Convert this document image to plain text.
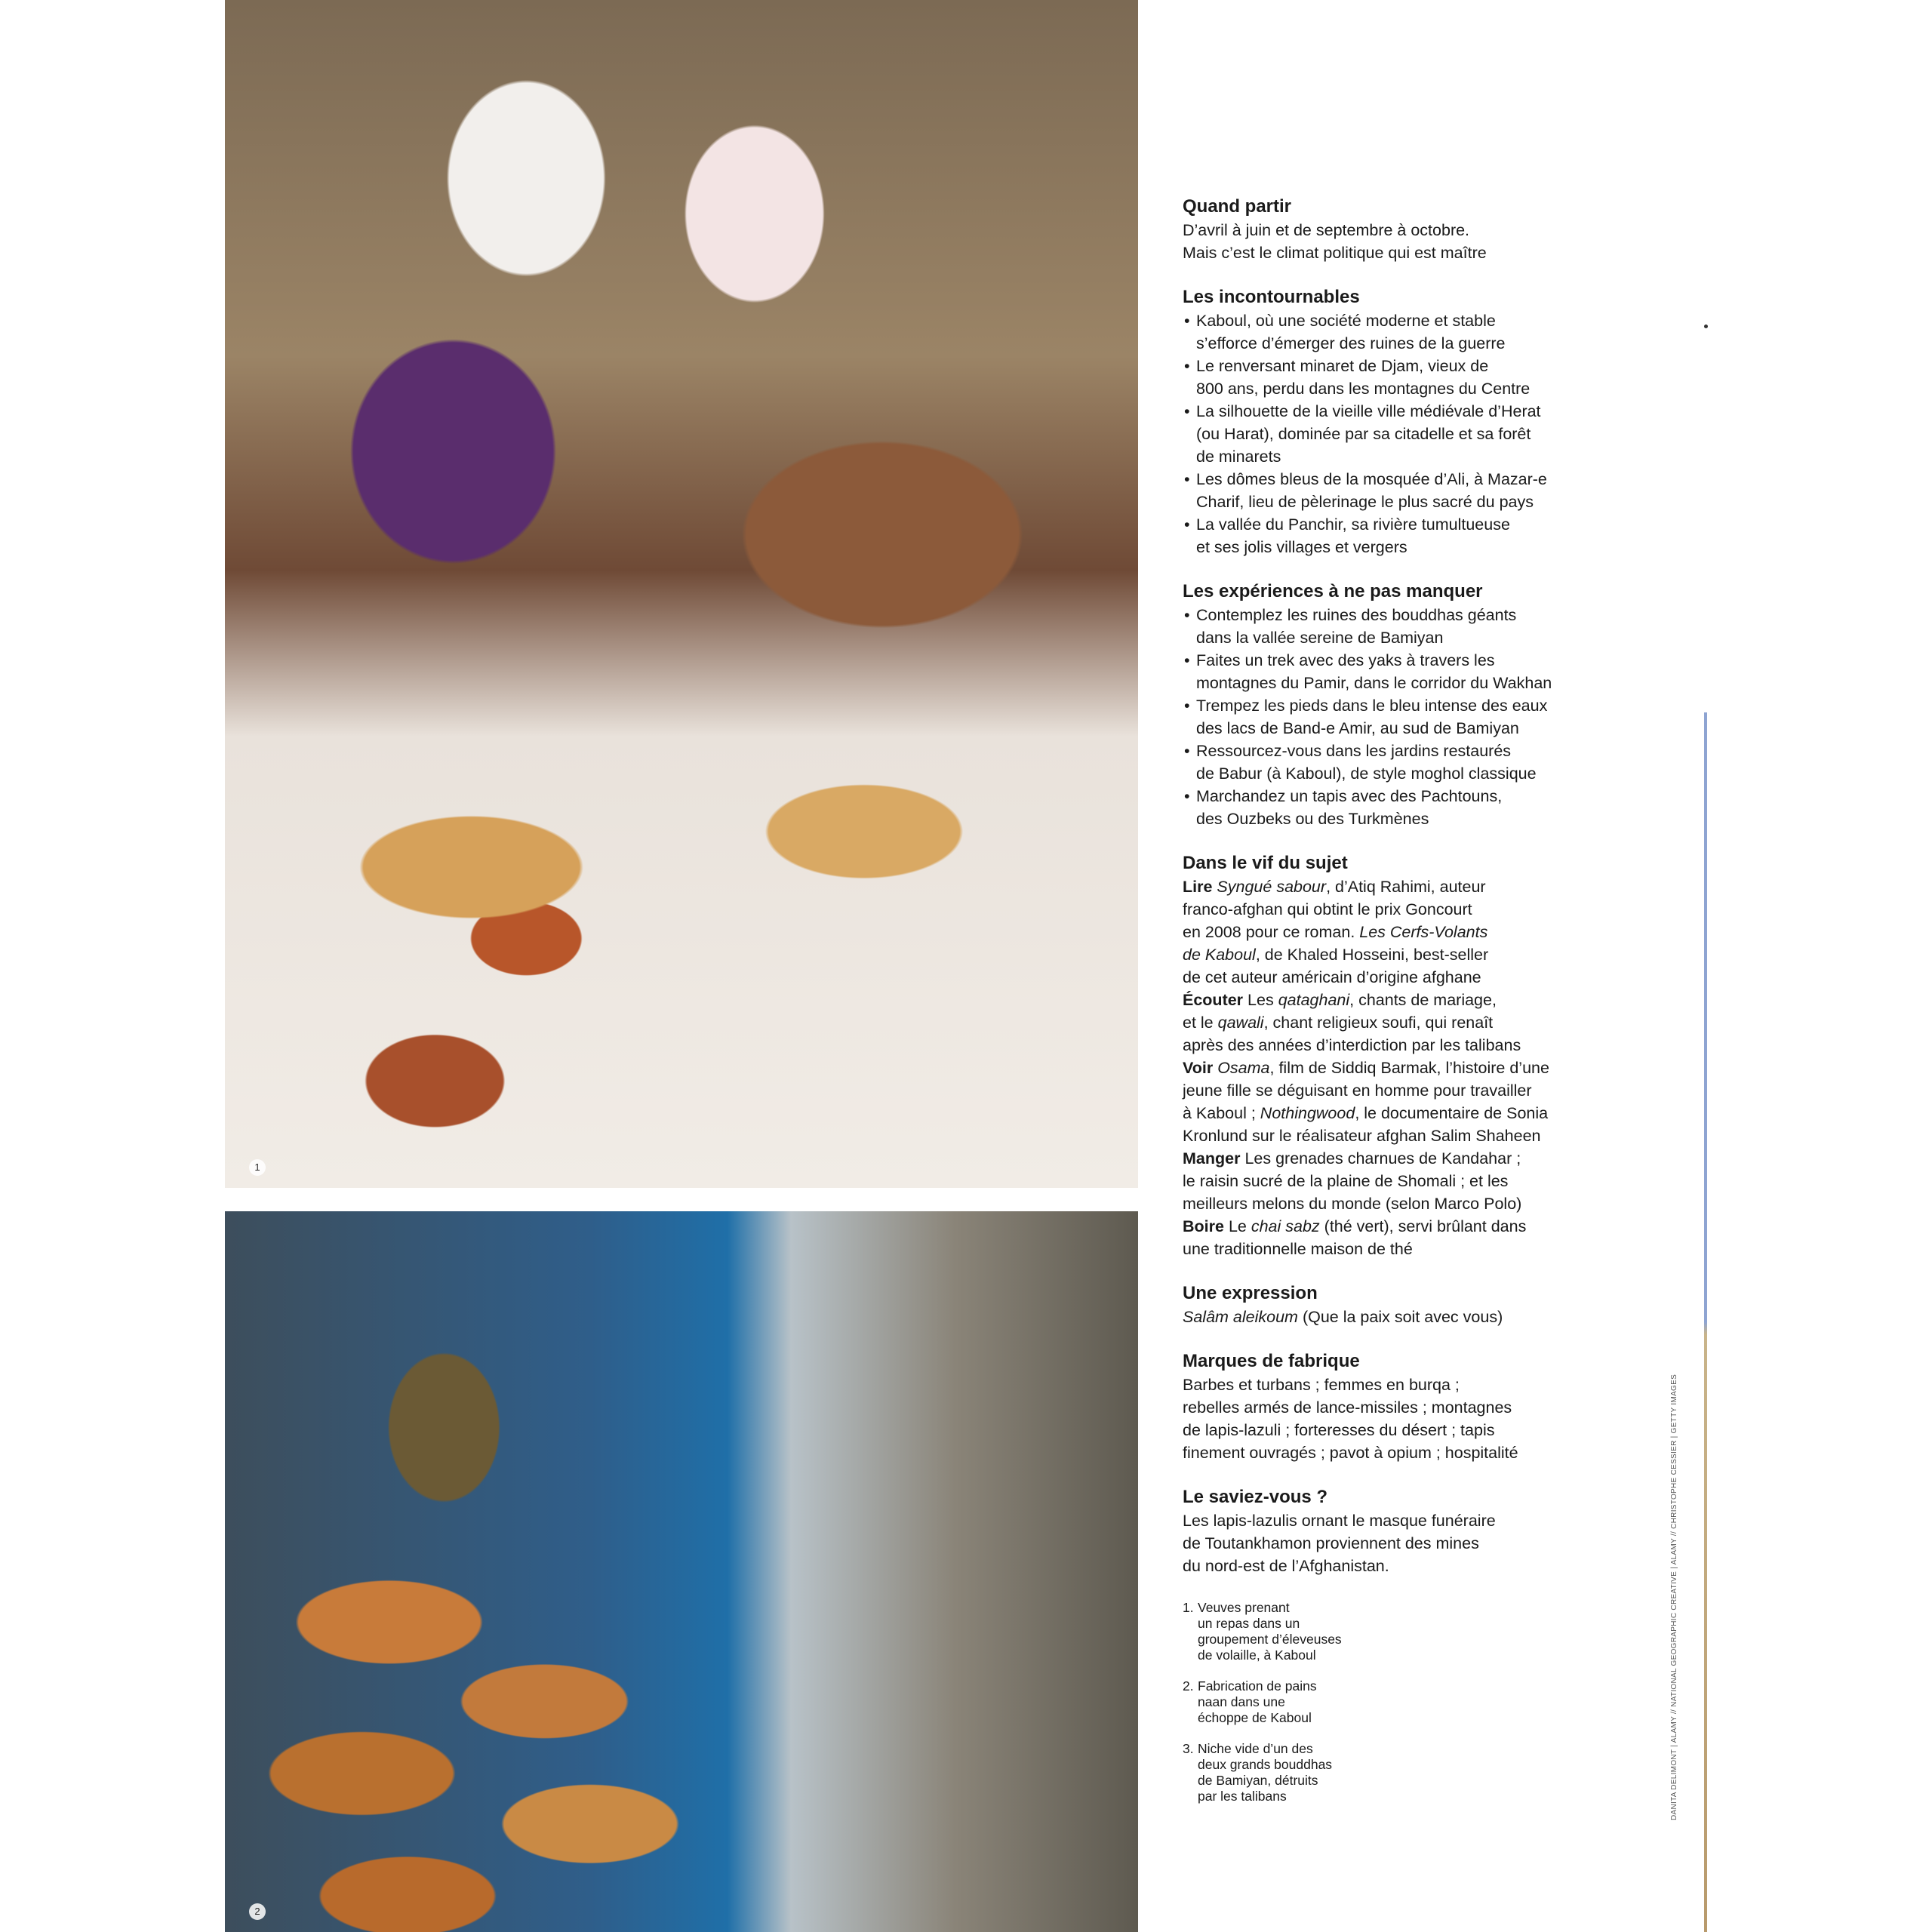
1
2
Quand partir
D’avril à juin et de septembre à octobre.
Mais c’est le climat politique qui est maître
Les incontournables
• Kaboul, où une société moderne et stable
s’efforce d’émerger des ruines de la guerre
• Le renversant minaret de Djam, vieux de
800 ans, perdu dans les montagnes du Centre
• La silhouette de la vieille ville médiévale d’Herat
(ou Harat), dominée par sa citadelle et sa forêt
de minarets
• Les dômes bleus de la mosquée d’Ali, à Mazar-e
Charif, lieu de pèlerinage le plus sacré du pays
• La vallée du Panchir, sa rivière tumultueuse
et ses jolis villages et vergers
Les expériences à ne pas manquer
• Contemplez les ruines des bouddhas géants
dans la vallée sereine de Bamiyan
• Faites un trek avec des yaks à travers les
montagnes du Pamir, dans le corridor du Wakhan
• Trempez les pieds dans le bleu intense des eaux
des lacs de Band-e Amir, au sud de Bamiyan
• Ressourcez-vous dans les jardins restaurés
de Babur (à Kaboul), de style moghol classique
• Marchandez un tapis avec des Pachtouns,
des Ouzbeks ou des Turkmènes
Dans le vif du sujet
Lire Syngué sabour, d’Atiq Rahimi, auteur
franco-afghan qui obtint le prix Goncourt
en 2008 pour ce roman. Les Cerfs-Volants
de Kaboul, de Khaled Hosseini, best-seller
de cet auteur américain d’origine afghane
Écouter Les qataghani, chants de mariage,
et le qawali, chant religieux soufi, qui renaît
après des années d’interdiction par les talibans
Voir Osama, film de Siddiq Barmak, l’histoire d’une
jeune fille se déguisant en homme pour travailler
à Kaboul ; Nothingwood, le documentaire de Sonia
Kronlund sur le réalisateur afghan Salim Shaheen
Manger Les grenades charnues de Kandahar ;
le raisin sucré de la plaine de Shomali ; et les
meilleurs melons du monde (selon Marco Polo)
Boire Le chai sabz (thé vert), servi brûlant dans
une traditionnelle maison de thé
Une expression
Salâm aleikoum (Que la paix soit avec vous)
Marques de fabrique
Barbes et turbans ; femmes en burqa ;
rebelles armés de lance-missiles ; montagnes
de lapis-lazuli ; forteresses du désert ; tapis
finement ouvragés ; pavot à opium ; hospitalité
Le saviez-vous ?
Les lapis-lazulis ornant le masque funéraire
de Toutankhamon proviennent des mines
du nord-est de l’Afghanistan.
1. Veuves prenant
un repas dans un
groupement d’éleveuses
de volaille, à Kaboul
2. Fabrication de pains
naan dans une
échoppe de Kaboul
3. Niche vide d’un des
deux grands bouddhas
de Bamiyan, détruits
par les talibans	DANITA DELIMONT | ALAMY // NATIONAL GEOGRAPHIC CREATIVE | ALAMY // CHRISTOPHE CESSIER | GETTY IMAGES
